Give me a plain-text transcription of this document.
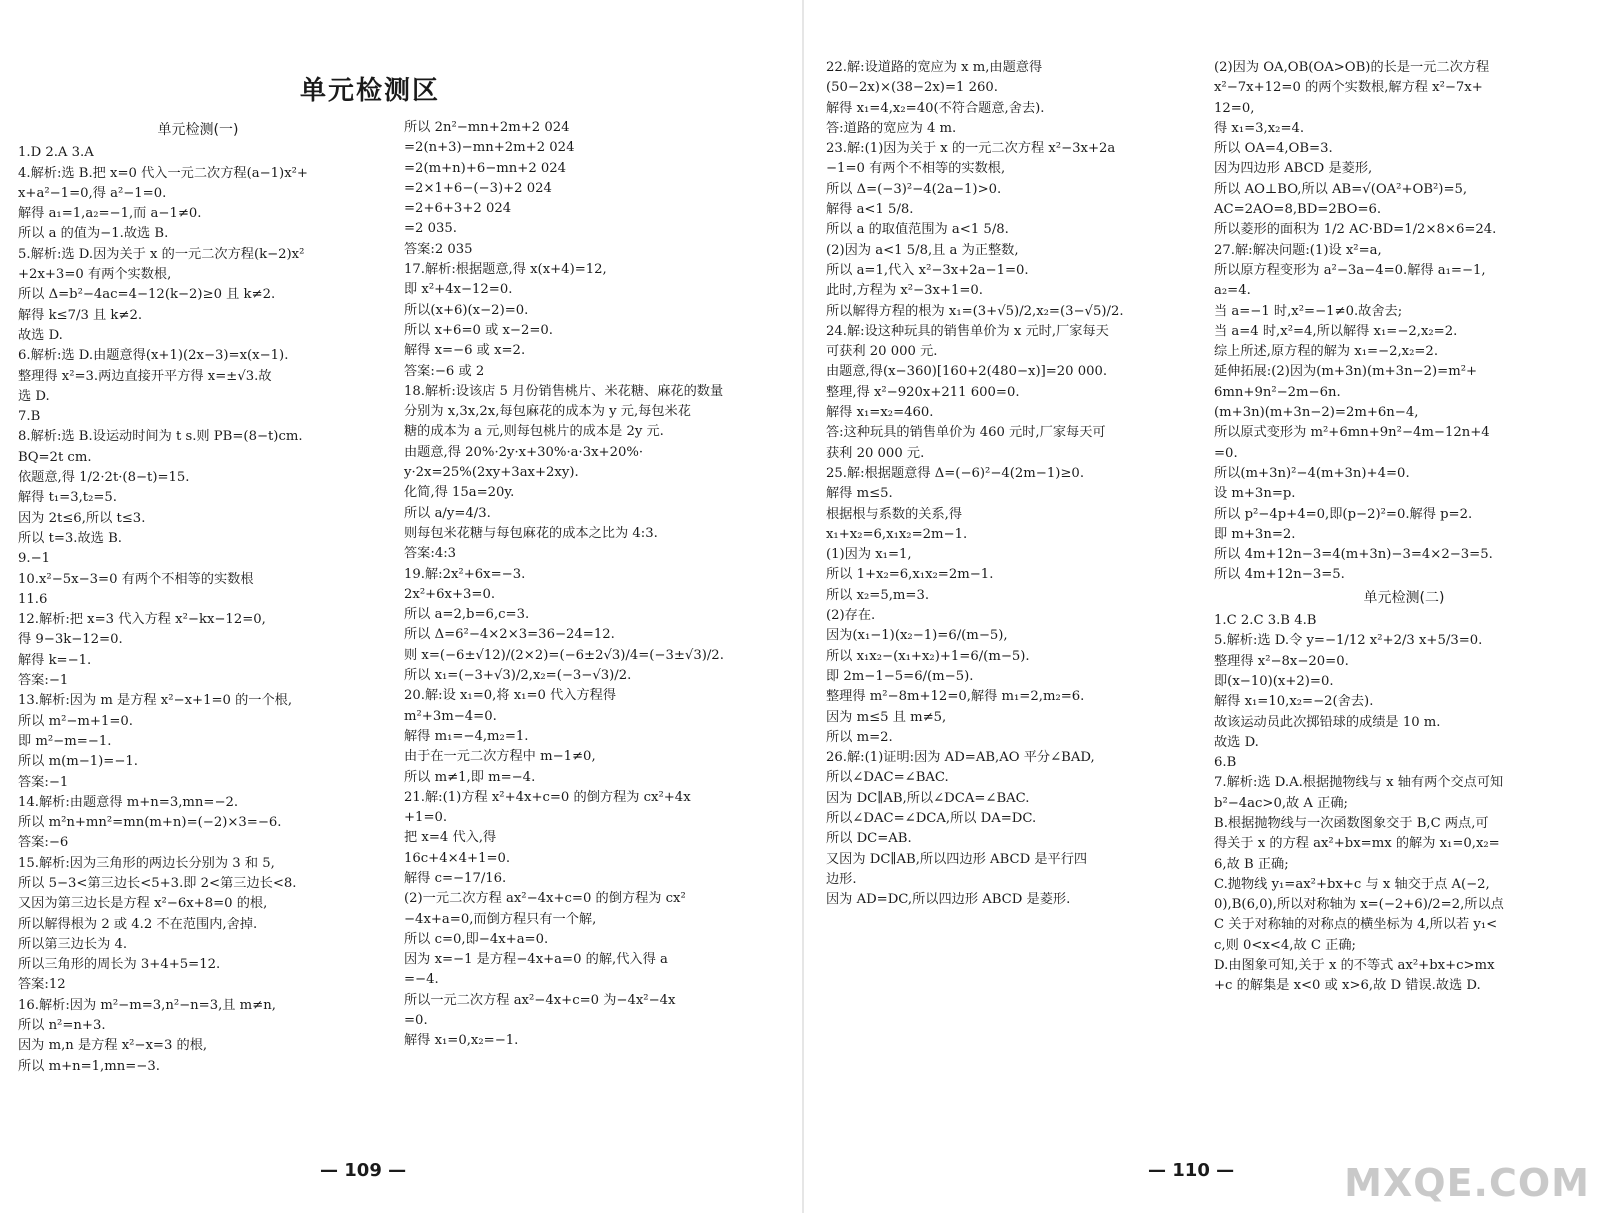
单元检测区

单元检测(一)

1.D 2.A 3.A

4.解析:选 B.把 x=0 代入一元二次方程(a−1)x²+

x+a²−1=0,得 a²−1=0.

解得 a₁=1,a₂=−1,而 a−1≠0.

所以 a 的值为−1.故选 B.

5.解析:选 D.因为关于 x 的一元二次方程(k−2)x²

+2x+3=0 有两个实数根,

所以 Δ=b²−4ac=4−12(k−2)≥0 且 k≠2.

解得 k≤7/3 且 k≠2.

故选 D.

6.解析:选 D.由题意得(x+1)(2x−3)=x(x−1).

整理得 x²=3.两边直接开平方得 x=±√3.故

选 D.

7.B

8.解析:选 B.设运动时间为 t s.则 PB=(8−t)cm.

BQ=2t cm.

依题意,得 1/2·2t·(8−t)=15.

解得 t₁=3,t₂=5.

因为 2t≤6,所以 t≤3.

所以 t=3.故选 B.

9.−1

10.x²−5x−3=0 有两个不相等的实数根

11.6

12.解析:把 x=3 代入方程 x²−kx−12=0,

得 9−3k−12=0.

解得 k=−1.

答案:−1

13.解析:因为 m 是方程 x²−x+1=0 的一个根,

所以 m²−m+1=0.

即 m²−m=−1.

所以 m(m−1)=−1.

答案:−1

14.解析:由题意得 m+n=3,mn=−2.

所以 m²n+mn²=mn(m+n)=(−2)×3=−6.

答案:−6

15.解析:因为三角形的两边长分别为 3 和 5,

所以 5−3<第三边长<5+3.即 2<第三边长<8.

又因为第三边长是方程 x²−6x+8=0 的根,

所以解得根为 2 或 4.2 不在范围内,舍掉.

所以第三边长为 4.

所以三角形的周长为 3+4+5=12.

答案:12

16.解析:因为 m²−m=3,n²−n=3,且 m≠n,

所以 n²=n+3.

因为 m,n 是方程 x²−x=3 的根,

所以 m+n=1,mn=−3.

所以 2n²−mn+2m+2 024

=2(n+3)−mn+2m+2 024

=2(m+n)+6−mn+2 024

=2×1+6−(−3)+2 024

=2+6+3+2 024

=2 035.

答案:2 035

17.解析:根据题意,得 x(x+4)=12,

即 x²+4x−12=0.

所以(x+6)(x−2)=0.

所以 x+6=0 或 x−2=0.

解得 x=−6 或 x=2.

答案:−6 或 2

18.解析:设该店 5 月份销售桃片、米花糖、麻花的数量

分别为 x,3x,2x,每包麻花的成本为 y 元,每包米花

糖的成本为 a 元,则每包桃片的成本是 2y 元.

由题意,得 20%·2y·x+30%·a·3x+20%·

y·2x=25%(2xy+3ax+2xy).

化简,得 15a=20y.

所以 a/y=4/3.

则每包米花糖与每包麻花的成本之比为 4:3.

答案:4:3

19.解:2x²+6x=−3.

2x²+6x+3=0.

所以 a=2,b=6,c=3.

所以 Δ=6²−4×2×3=36−24=12.

则 x=(−6±√12)/(2×2)=(−6±2√3)/4=(−3±√3)/2.

所以 x₁=(−3+√3)/2,x₂=(−3−√3)/2.

20.解:设 x₁=0,将 x₁=0 代入方程得

m²+3m−4=0.

解得 m₁=−4,m₂=1.

由于在一元二次方程中 m−1≠0,

所以 m≠1,即 m=−4.

21.解:(1)方程 x²+4x+c=0 的倒方程为 cx²+4x

+1=0.

把 x=4 代入,得

16c+4×4+1=0.

解得 c=−17/16.

(2)一元二次方程 ax²−4x+c=0 的倒方程为 cx²

−4x+a=0,而倒方程只有一个解,

所以 c=0,即−4x+a=0.

因为 x=−1 是方程−4x+a=0 的解,代入得 a

=−4.

所以一元二次方程 ax²−4x+c=0 为−4x²−4x

=0.

解得 x₁=0,x₂=−1.

— 109 —

22.解:设道路的宽应为 x m,由题意得

(50−2x)×(38−2x)=1 260.

解得 x₁=4,x₂=40(不符合题意,舍去).

答:道路的宽应为 4 m.

23.解:(1)因为关于 x 的一元二次方程 x²−3x+2a

−1=0 有两个不相等的实数根,

所以 Δ=(−3)²−4(2a−1)>0.

解得 a<1 5/8.

所以 a 的取值范围为 a<1 5/8.

(2)因为 a<1 5/8,且 a 为正整数,

所以 a=1,代入 x²−3x+2a−1=0.

此时,方程为 x²−3x+1=0.

所以解得方程的根为 x₁=(3+√5)/2,x₂=(3−√5)/2.

24.解:设这种玩具的销售单价为 x 元时,厂家每天

可获利 20 000 元.

由题意,得(x−360)[160+2(480−x)]=20 000.

整理,得 x²−920x+211 600=0.

解得 x₁=x₂=460.

答:这种玩具的销售单价为 460 元时,厂家每天可

获利 20 000 元.

25.解:根据题意得 Δ=(−6)²−4(2m−1)≥0.

解得 m≤5.

根据根与系数的关系,得

x₁+x₂=6,x₁x₂=2m−1.

(1)因为 x₁=1,

所以 1+x₂=6,x₁x₂=2m−1.

所以 x₂=5,m=3.

(2)存在.

因为(x₁−1)(x₂−1)=6/(m−5),

所以 x₁x₂−(x₁+x₂)+1=6/(m−5).

即 2m−1−5=6/(m−5).

整理得 m²−8m+12=0,解得 m₁=2,m₂=6.

因为 m≤5 且 m≠5,

所以 m=2.

26.解:(1)证明:因为 AD=AB,AO 平分∠BAD,

所以∠DAC=∠BAC.

因为 DC∥AB,所以∠DCA=∠BAC.

所以∠DAC=∠DCA,所以 DA=DC.

所以 DC=AB.

又因为 DC∥AB,所以四边形 ABCD 是平行四

边形.

因为 AD=DC,所以四边形 ABCD 是菱形.

(2)因为 OA,OB(OA>OB)的长是一元二次方程

x²−7x+12=0 的两个实数根,解方程 x²−7x+

12=0,

得 x₁=3,x₂=4.

所以 OA=4,OB=3.

因为四边形 ABCD 是菱形,

所以 AO⊥BO,所以 AB=√(OA²+OB²)=5,

AC=2AO=8,BD=2BO=6.

所以菱形的面积为 1/2 AC·BD=1/2×8×6=24.

27.解:解决问题:(1)设 x²=a,

所以原方程变形为 a²−3a−4=0.解得 a₁=−1,

a₂=4.

当 a=−1 时,x²=−1≠0.故舍去;

当 a=4 时,x²=4,所以解得 x₁=−2,x₂=2.

综上所述,原方程的解为 x₁=−2,x₂=2.

延伸拓展:(2)因为(m+3n)(m+3n−2)=m²+

6mn+9n²−2m−6n.

(m+3n)(m+3n−2)=2m+6n−4,

所以原式变形为 m²+6mn+9n²−4m−12n+4

=0.

所以(m+3n)²−4(m+3n)+4=0.

设 m+3n=p.

所以 p²−4p+4=0,即(p−2)²=0.解得 p=2.

即 m+3n=2.

所以 4m+12n−3=4(m+3n)−3=4×2−3=5.

所以 4m+12n−3=5.

单元检测(二)

1.C 2.C 3.B 4.B

5.解析:选 D.令 y=−1/12 x²+2/3 x+5/3=0.

整理得 x²−8x−20=0.

即(x−10)(x+2)=0.

解得 x₁=10,x₂=−2(舍去).

故该运动员此次掷铅球的成绩是 10 m.

故选 D.

6.B

7.解析:选 D.A.根据抛物线与 x 轴有两个交点可知

b²−4ac>0,故 A 正确;

B.根据抛物线与一次函数图象交于 B,C 两点,可

得关于 x 的方程 ax²+bx=mx 的解为 x₁=0,x₂=

6,故 B 正确;

C.抛物线 y₁=ax²+bx+c 与 x 轴交于点 A(−2,

0),B(6,0),所以对称轴为 x=(−2+6)/2=2,所以点

C 关于对称轴的对称点的横坐标为 4,所以若 y₁<

c,则 0<x<4,故 C 正确;

D.由图象可知,关于 x 的不等式 ax²+bx+c>mx

+c 的解集是 x<0 或 x>6,故 D 错误.故选 D.

— 110 —	MXQE.COM
